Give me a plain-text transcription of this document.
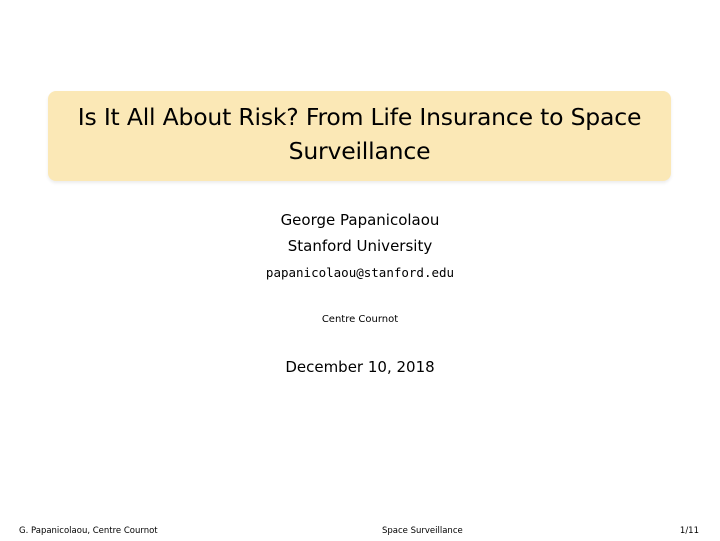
Is It All About Risk? From Life Insurance to Space Surveillance
George Papanicolaou
Stanford University
papanicolaou@stanford.edu
Centre Cournot
December 10, 2018
G. Papanicolaou, Centre Cournot	Space Surveillance	1/11
